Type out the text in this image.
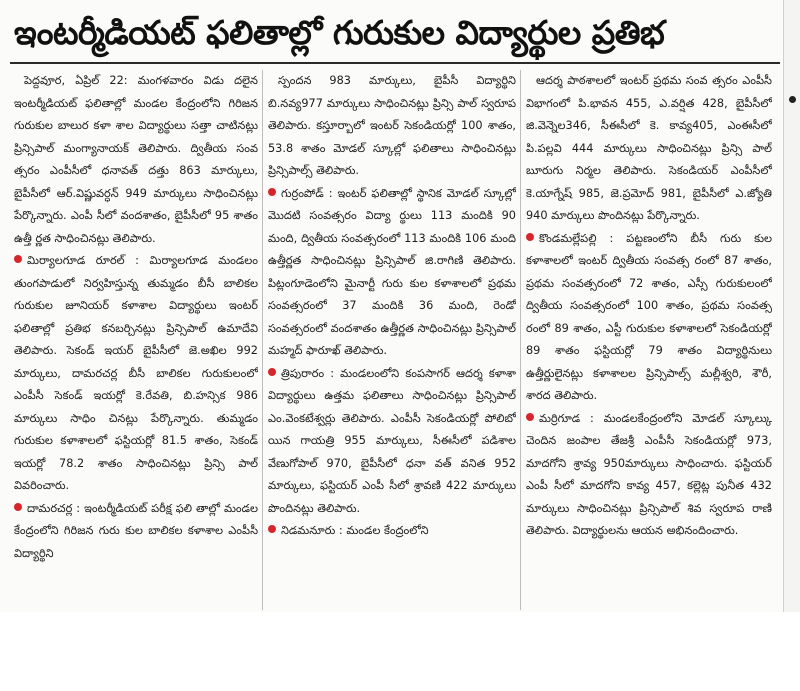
ఇంటర్మీడియట్ ఫలితాల్లో గురుకుల విద్యార్థుల ప్రతిభ

పెద్దవూర, ఏప్రిల్ 22: మంగళవారం విడు దలైన ఇంటర్మీడియట్ ఫలితాల్లో మండల కేంద్రంలోని గిరిజన గురుకుల బాలుర కళా శాల విద్యార్థులు సత్తా చాటినట్లు ప్రిన్సిపాల్ మంగ్యానాయక్ తెలిపారు. ద్వితీయ సంవ త్సరం ఎంపీసీలో ధనావత్ దత్తు 863 మార్కులు, బైపీసీలో ఆర్.విష్ణువర్ధన్ 949 మార్కులు సాధించినట్లు పేర్కొన్నారు. ఎంపీ సీలో వందశాతం, బైపీసీలో 95 శాతం ఉత్తీ ర్ణత సాధించినట్లు తెలిపారు.

మిర్యాలగూడ రూరల్ : మిర్యాలగూడ మండలం తుంగపాడులో నిర్వహిస్తున్న తుమ్మడం బీసీ బాలికల గురుకుల జూనియర్ కళాశాల విద్యార్థులు ఇంటర్ ఫలితాల్లో ప్రతిభ కనబర్చినట్లు ప్రిన్సిపాల్ ఉమాదేవి తెలిపారు. సెకండ్ ఇయర్ బైపీసీలో జె.అఖిల 992 మార్కులు, దామరచర్ల బీసీ బాలికల గురుకులంలో ఎంపీసీ సెకండ్ ఇయర్లో కె.రేవతి, బి.హన్సిక 986 మార్కులు సాధిం చినట్లు పేర్కొన్నారు. తుమ్మడం గురుకుల కళాశాలలో ఫస్టియర్లో 81.5 శాతం, సెకండ్ ఇయర్లో 78.2 శాతం సాధించినట్లు ప్రిన్సి పాల్ వివరించారు.

దామరచర్ల : ఇంటర్మీడియట్ పరీక్ష ఫలి తాల్లో మండల కేంద్రంలోని గిరిజన గురు కుల బాలికల కళాశాల ఎంపీసీ విద్యార్థిని

స్పందన 983 మార్కులు, బైపీసీ విద్యార్థిని బి.నవ్య977 మార్కులు సాధించినట్లు ప్రిన్సి పాల్ స్వరూప తెలిపారు. కస్తూర్బాలో ఇంటర్ సెకండియర్లో 100 శాతం, 53.8 శాతం మోడల్ స్కూల్లో ఫలితాలు సాధించినట్లు ప్రిన్సిపాల్స్ తెలిపారు.

గుర్రంపోడ్ : ఇంటర్ ఫలితాల్లో స్థానిక మోడల్ స్కూల్లో మొదటి సంవత్సరం విద్యా ర్థులు 113 మందికి 90 మంది, ద్వితీయ సంవత్సరంలో 113 మందికి 106 మంది ఉత్తీర్ణత సాధించినట్లు ప్రిన్సిపాల్ జి.రాగిణి తెలిపారు. పిట్లంగూడెంలోని మైనార్టీ గురు కుల కళాశాలలో ప్రథమ సంవత్సరంలో 37 మందికి 36 మంది, రెండో సంవత్సరంలో వందశాతం ఉత్తీర్ణత సాధించినట్లు ప్రిన్సిపాల్ మహ్మద్ ఫారూఖ్ తెలిపారు.

త్రిపురారం : మండలంలోని కంపసాగర్ ఆదర్శ కళాశా విద్యార్థులు ఉత్తమ ఫలితాలు సాధించినట్లు ప్రిన్సిపాల్ ఎం.వెంకటేశ్వర్లు తెలిపారు. ఎంపీసీ సెకండియర్లో పోలిబో యిన గాయత్రి 955 మార్కులు, సీఈసీలో పడిశాల వేణుగోపాల్ 970, బైపీసీలో ధనా వత్ వనిత 952 మార్కులు, ఫస్టియర్ ఎంపీ సీలో శ్రావణి 422 మార్కులు పొందినట్లు తెలిపారు.

నిడమనూరు : మండల కేంద్రంలోని

ఆదర్శ పాఠశాలలో ఇంటర్ ప్రథమ సంవ త్సరం ఎంపీసీ విభాగంలో పి.భావన 455, ఎ.వర్షిత 428, బైపీసీలో జి.వెన్నెల346, సీఈసీలో కె. కావ్య405, ఎంఈసీలో పి.పల్లవి 444 మార్కులు సాధించినట్లు ప్రిన్సి పాల్ బూరుగు నిర్మల తెలిపారు. సెకండియర్ ఎంపీసీలో కె.యాగ్నేష్ 985, జె.ప్రమోద్ 981, బైపీసీలో ఎ.జ్యోతి 940 మార్కులు పొందినట్లు పేర్కొన్నారు.

కొండమల్లేపల్లి : పట్టణంలోని బీసీ గురు కుల కళాశాలలో ఇంటర్ ద్వితీయ సంవత్స రంలో 87 శాతం, ప్రథమ సంవత్సరంలో 72 శాతం, ఎస్సీ గురుకులంలో ద్వితీయ సంవత్సరంలో 100 శాతం, ప్రథమ సంవత్స రంలో 89 శాతం, ఎస్టీ గురుకుల కళాశాలలో సెకండియర్లో 89 శాతం ఫస్టియర్లో 79 శాతం విద్యార్థినులు ఉత్తీర్ణులైనట్లు కళాశాలల ప్రిన్సిపాల్స్ మల్లీశ్వరి, శౌరీ, శారద తెలిపారు.

మర్రిగూడ : మండలకేంద్రంలోని మోడల్ స్కూల్కు చెందిన జంపాల తేజశ్రీ ఎంపీసీ సెకండియర్లో 973, మాదగోని శ్రావ్య 950మార్కులు సాధించారు. ఫస్టియర్ ఎంపీ సీలో మాదగోని కావ్య 457, కల్లెట్ల పునీత 432 మార్కులు సాధించినట్లు ప్రిన్సిపాల్ శివ స్వరూప రాణి తెలిపారు. విద్యార్థులను ఆయన అభినందించారు.
